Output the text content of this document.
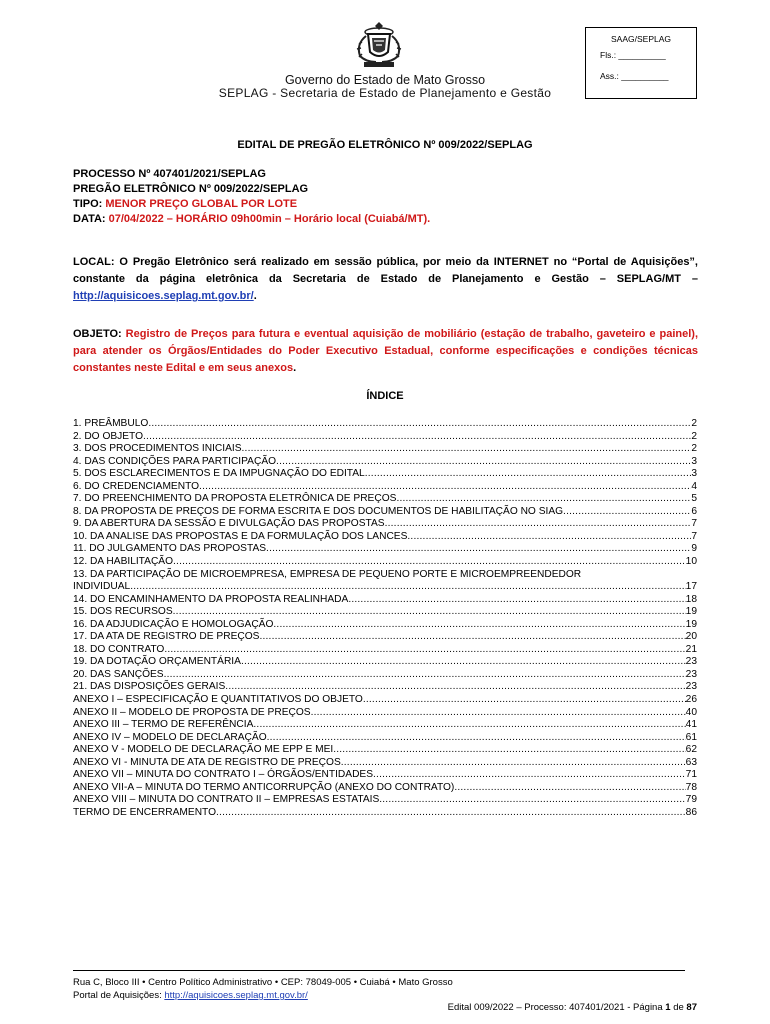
Governo do Estado de Mato Grosso
SEPLAG - Secretaria de Estado de Planejamento e Gestão
SAAG/SEPLAG
Fls.: __________
Ass.: __________
EDITAL DE PREGÃO ELETRÔNICO Nº 009/2022/SEPLAG
PROCESSO Nº 407401/2021/SEPLAG
PREGÃO ELETRÔNICO Nº 009/2022/SEPLAG
TIPO: MENOR PREÇO GLOBAL POR LOTE
DATA: 07/04/2022 – HORÁRIO 09h00min – Horário local (Cuiabá/MT).
LOCAL: O Pregão Eletrônico será realizado em sessão pública, por meio da INTERNET no “Portal de Aquisições”, constante da página eletrônica da Secretaria de Estado de Planejamento e Gestão – SEPLAG/MT – http://aquisicoes.seplag.mt.gov.br/.
OBJETO: Registro de Preços para futura e eventual aquisição de mobiliário (estação de trabalho, gaveteiro e painel), para atender os Órgãos/Entidades do Poder Executivo Estadual, conforme especificações e condições técnicas constantes neste Edital e em seus anexos.
ÍNDICE
1. PREÂMBULO .....	2
2. DO OBJETO .....	2
3. DOS PROCEDIMENTOS INICIAIS .....	2
4. DAS CONDIÇÕES PARA PARTICIPAÇÃO .....	3
5. DOS ESCLARECIMENTOS E DA IMPUGNAÇÃO DO EDITAL .....	3
6. DO CREDENCIAMENTO .....	4
7. DO PREENCHIMENTO DA PROPOSTA ELETRÔNICA DE PREÇOS .....	5
8. DA PROPOSTA DE PREÇOS DE FORMA ESCRITA E DOS DOCUMENTOS DE HABILITAÇÃO NO SIAG .....	6
9. DA ABERTURA DA SESSÃO E DIVULGAÇÃO DAS PROPOSTAS .....	7
10. DA ANALISE DAS PROPOSTAS E DA FORMULAÇÃO DOS LANCES .....	7
11. DO JULGAMENTO DAS PROPOSTAS .....	9
12. DA HABILITAÇÃO .....	10
13. DA PARTICIPAÇÃO DE MICROEMPRESA, EMPRESA DE PEQUENO PORTE E MICROEMPREENDEDOR
INDIVIDUAL .....	17
14. DO ENCAMINHAMENTO DA PROPOSTA REALINHADA .....	18
15. DOS RECURSOS .....	19
16. DA ADJUDICAÇÃO E HOMOLOGAÇÃO .....	19
17. DA ATA DE REGISTRO DE PREÇOS .....	20
18. DO CONTRATO .....	21
19. DA DOTAÇÃO ORÇAMENTÁRIA .....	23
20. DAS SANÇÕES .....	23
21. DAS DISPOSIÇÕES GERAIS .....	23
ANEXO I – ESPECIFICAÇÃO E QUANTITATIVOS DO OBJETO .....	26
ANEXO II – MODELO DE PROPOSTA DE PREÇOS .....	40
ANEXO III – TERMO DE REFERÊNCIA .....	41
ANEXO IV – MODELO DE DECLARAÇÃO .....	61
ANEXO V - MODELO DE DECLARAÇÃO ME EPP E MEI .....	62
ANEXO VI - MINUTA DE ATA DE REGISTRO DE PREÇOS .....	63
ANEXO VII – MINUTA DO CONTRATO I – ÓRGÃOS/ENTIDADES .....	71
ANEXO VII-A – MINUTA DO TERMO ANTICORRUPÇÃO (ANEXO DO CONTRATO) .....	78
ANEXO VIII – MINUTA DO CONTRATO II – EMPRESAS ESTATAIS .....	79
TERMO DE ENCERRAMENTO .....	86
Rua C, Bloco III • Centro Político Administrativo • CEP: 78049-005 • Cuiabá • Mato Grosso
Portal de Aquisições: http://aquisicoes.seplag.mt.gov.br/
Edital 009/2022 – Processo: 407401/2021 - Página 1 de 87
